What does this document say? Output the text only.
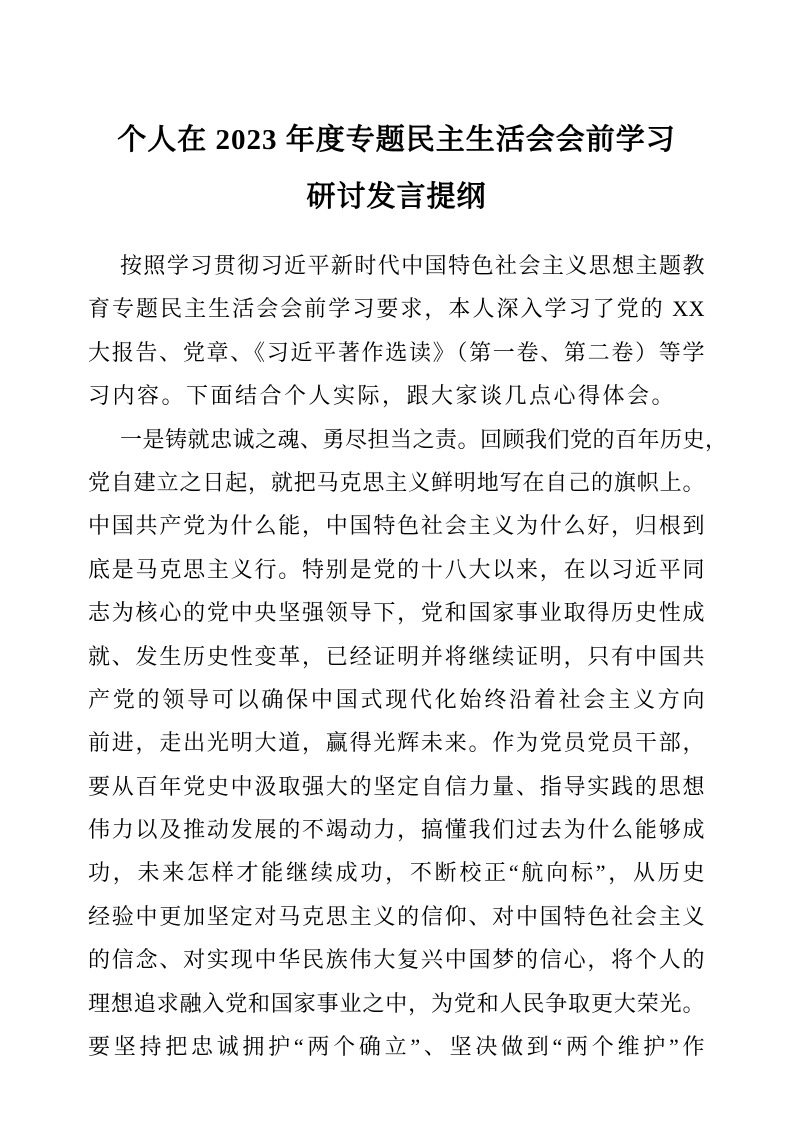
个人在 2023 年度专题民主生活会会前学习
研讨发言提纲
按照学习贯彻习近平新时代中国特色社会主义思想主题教
育专题民主生活会会前学习要求，本人深入学习了党的 XX
大报告、党章、《习近平著作选读》（第一卷、第二卷）等学
习内容。下面结合个人实际，跟大家谈几点心得体会。
一是铸就忠诚之魂、勇尽担当之责。回顾我们党的百年历史，
党自建立之日起，就把马克思主义鲜明地写在自己的旗帜上。
中国共产党为什么能，中国特色社会主义为什么好，归根到
底是马克思主义行。特别是党的十八大以来，在以习近平同
志为核心的党中央坚强领导下，党和国家事业取得历史性成
就、发生历史性变革，已经证明并将继续证明，只有中国共
产党的领导可以确保中国式现代化始终沿着社会主义方向
前进，走出光明大道，赢得光辉未来。作为党员党员干部，
要从百年党史中汲取强大的坚定自信力量、指导实践的思想
伟力以及推动发展的不竭动力，搞懂我们过去为什么能够成
功，未来怎样才能继续成功，不断校正“航向标”，从历史
经验中更加坚定对马克思主义的信仰、对中国特色社会主义
的信念、对实现中华民族伟大复兴中国梦的信心，将个人的
理想追求融入党和国家事业之中，为党和人民争取更大荣光。
要坚持把忠诚拥护“两个确立”、坚决做到“两个维护”作
